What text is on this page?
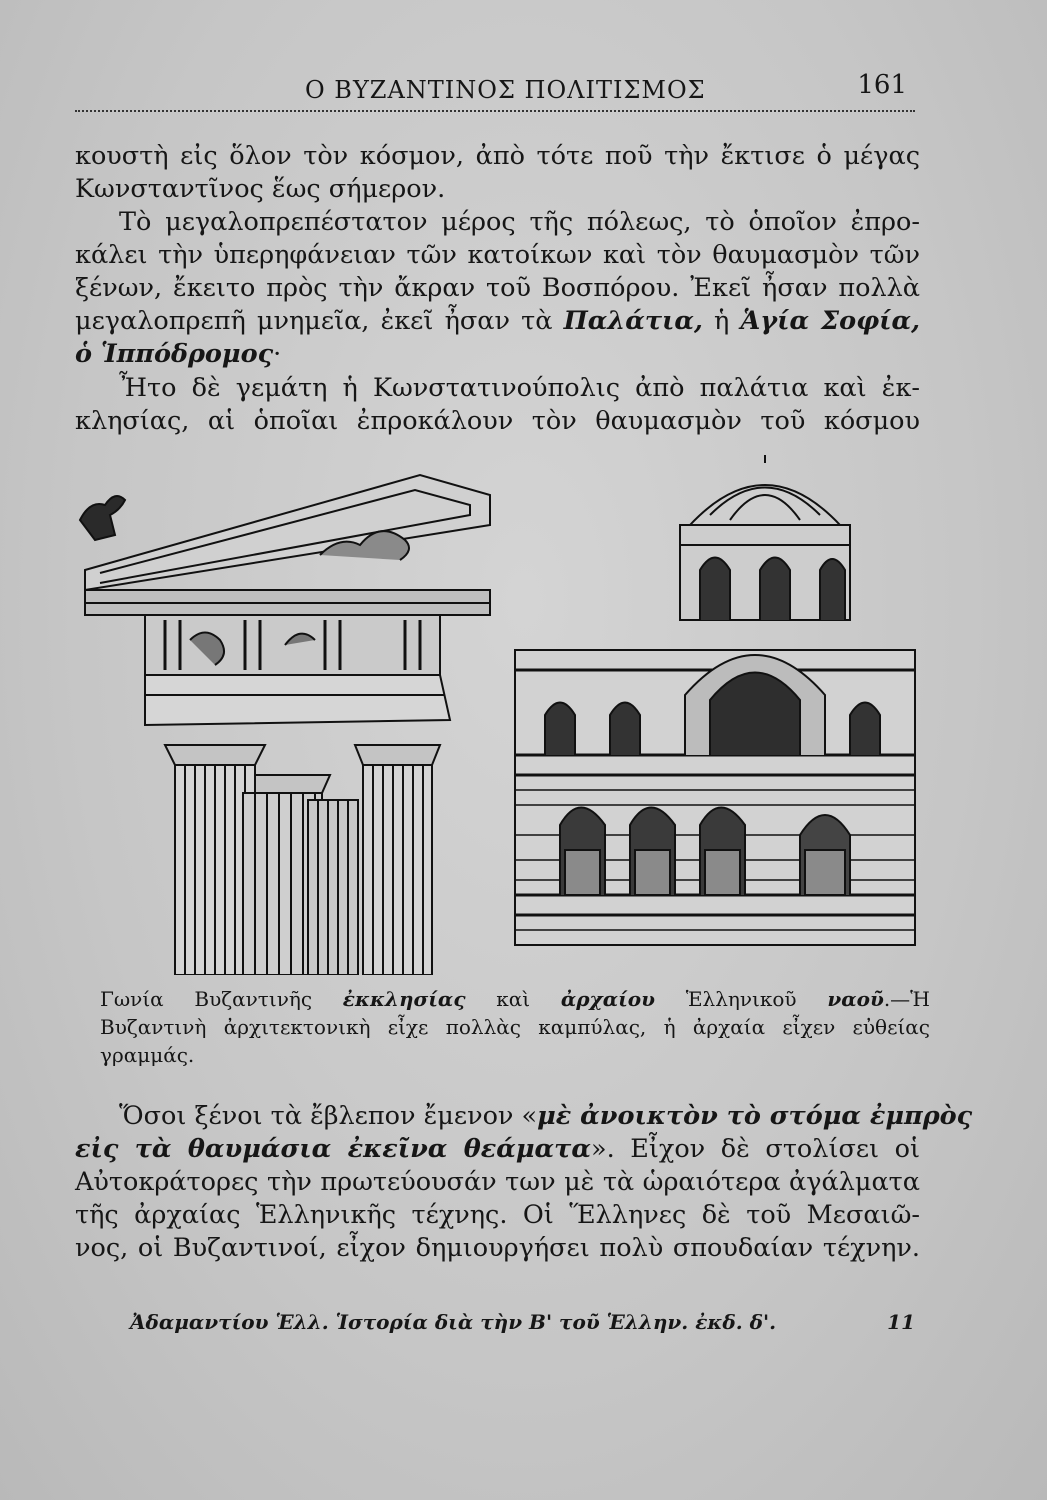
Ο ΒΥΖΑΝΤΙΝΟΣ ΠΟΛΙΤΙΣΜΟΣ	161
κουστὴ εἰς ὅλον τὸν κόσμον, ἀπὸ τότε ποῦ τὴν ἔκτισε ὁ μέγας
Κωνσταντῖνος ἕως σήμερον.
Τὸ μεγαλοπρεπέστατον μέρος τῆς πόλεως, τὸ ὁποῖον ἐπρο-
κάλει τὴν ὑπερηφάνειαν τῶν κατοίκων καὶ τὸν θαυμασμὸν τῶν
ξένων, ἔκειτο πρὸς τὴν ἄκραν τοῦ Βοσπόρου. Ἐκεῖ ἦσαν πολλὰ
μεγαλοπρεπῆ μνημεῖα, ἐκεῖ ἦσαν τὰ Παλάτια, ἡ Ἁγία Σοφία,
ὁ Ἱππόδρομος·
Ἦτο δὲ γεμάτη ἡ Κωνστατινούπολις ἀπὸ παλάτια καὶ ἐκ-
κλησίας, αἱ ὁποῖαι ἐπροκάλουν τὸν θαυμασμὸν τοῦ κόσμου
Γωνία Βυζαντινῆς ἐκκλησίας καὶ ἀρχαίου Ἑλληνικοῦ ναοῦ.—Ἡ
Βυζαντινὴ ἀρχιτεκτονικὴ εἶχε πολλὰς καμπύλας, ἡ ἀρχαία εἶχεν εὐθείας
γραμμάς.
Ὅσοι ξένοι τὰ ἔβλεπον ἔμενον «μὲ ἀνοικτὸν τὸ στόμα ἐμπρὸς
εἰς τὰ θαυμάσια ἐκεῖνα θεάματα». Εἶχον δὲ στολίσει οἱ
Αὐτοκράτορες τὴν πρωτεύουσάν των μὲ τὰ ὡραιότερα ἀγάλματα
τῆς ἀρχαίας Ἑλληνικῆς τέχνης. Οἱ Ἕλληνες δὲ τοῦ Μεσαιῶ-
νος, οἱ Βυζαντινοί, εἶχον δημιουργήσει πολὺ σπουδαίαν τέχνην.
Ἀδαμαντίου Ἑλλ. Ἱστορία διὰ τὴν Β' τοῦ Ἑλλην. ἐκδ. δ'.	11
